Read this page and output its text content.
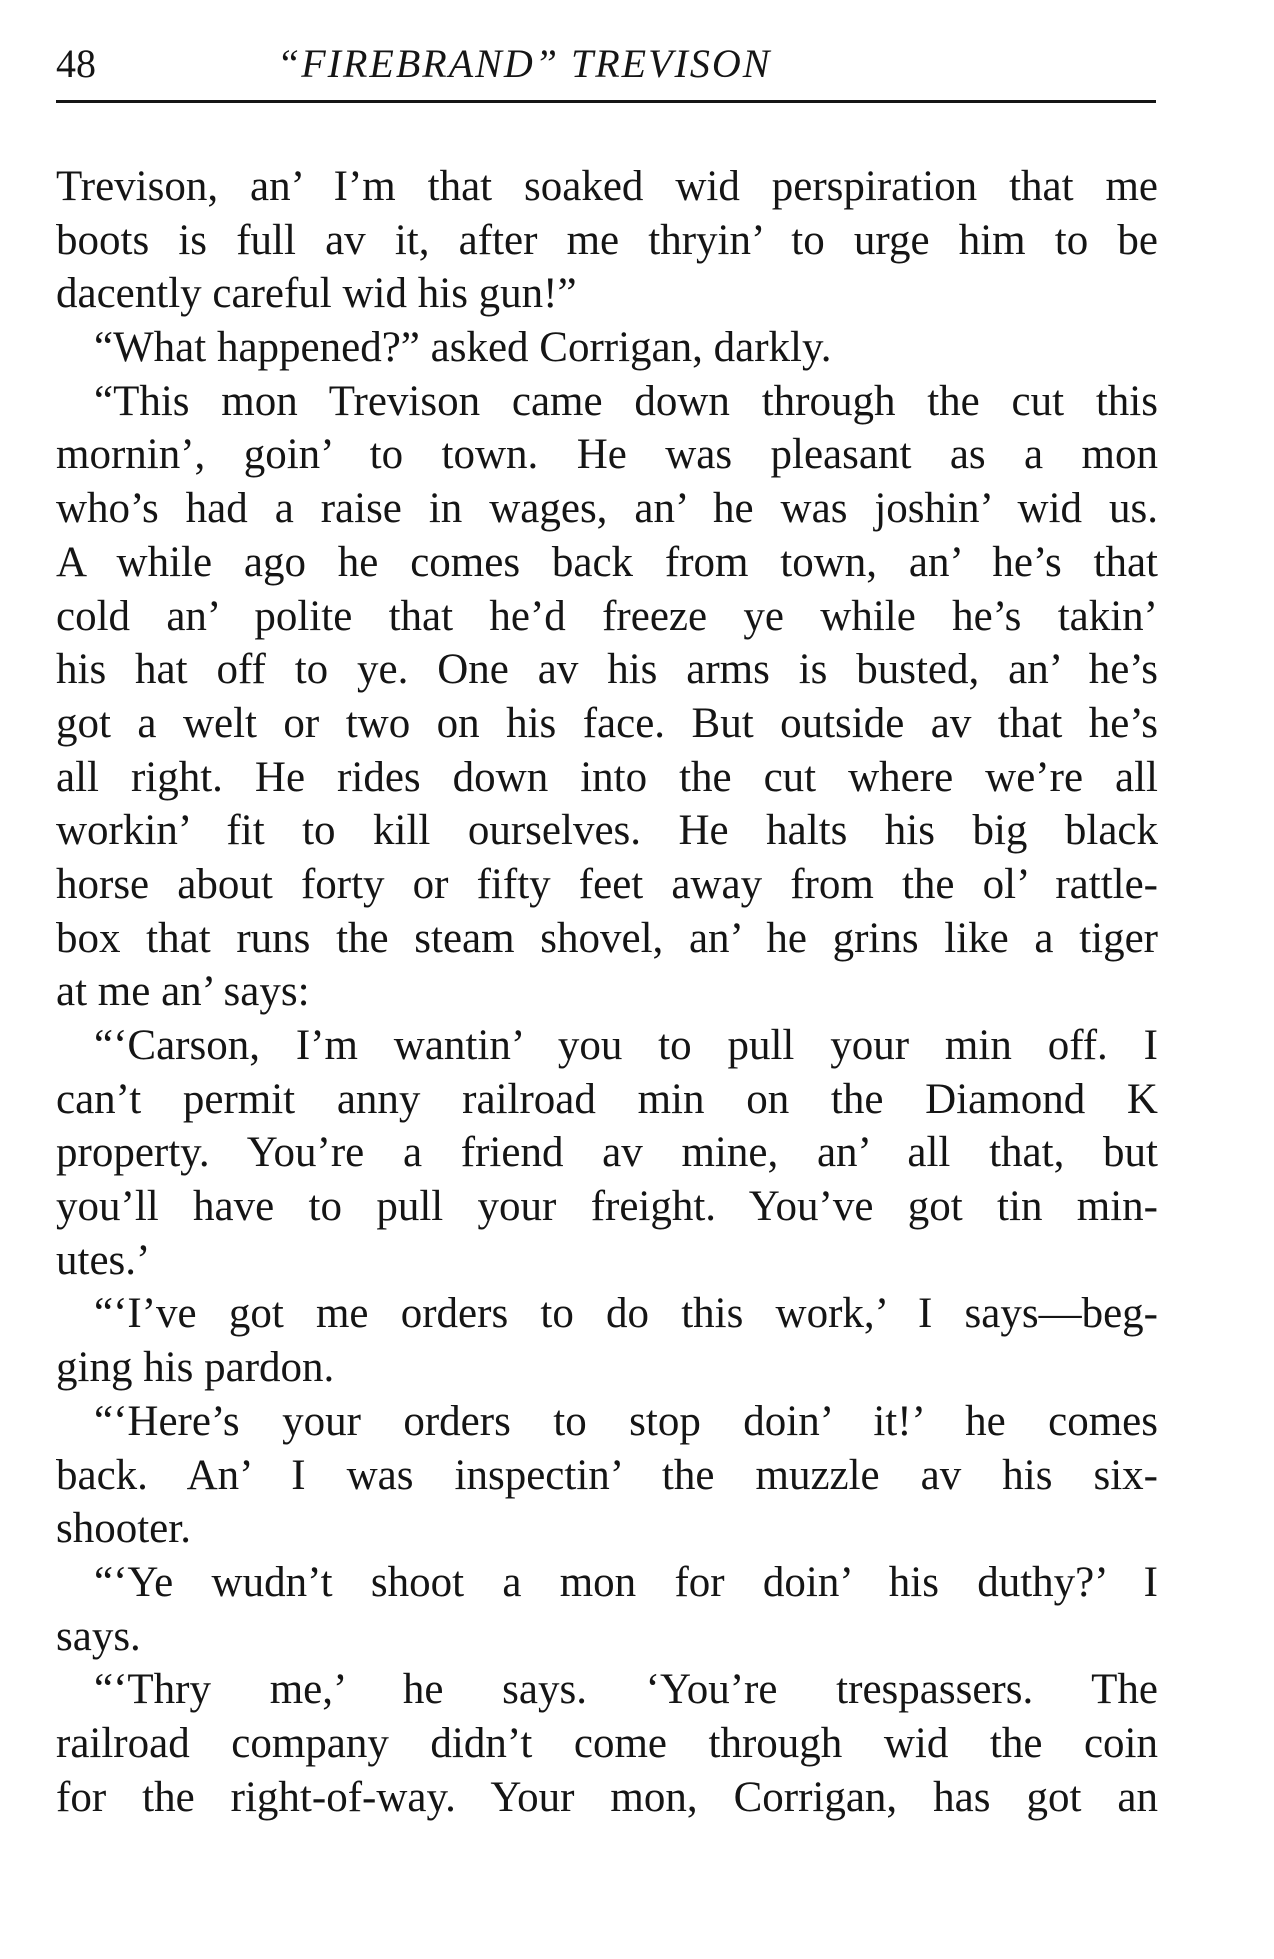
48	“FIREBRAND” TREVISON
Trevison, an’ I’m that soaked wid perspiration that me
boots is full av it, after me thryin’ to urge him to be
dacently careful wid his gun!”
“What happened?” asked Corrigan, darkly.
“This mon Trevison came down through the cut this
mornin’, goin’ to town. He was pleasant as a mon
who’s had a raise in wages, an’ he was joshin’ wid us.
A while ago he comes back from town, an’ he’s that
cold an’ polite that he’d freeze ye while he’s takin’
his hat off to ye. One av his arms is busted, an’ he’s
got a welt or two on his face. But outside av that he’s
all right. He rides down into the cut where we’re all
workin’ fit to kill ourselves. He halts his big black
horse about forty or fifty feet away from the ol’ rattle-
box that runs the steam shovel, an’ he grins like a tiger
at me an’ says:
“‘Carson, I’m wantin’ you to pull your min off. I
can’t permit anny railroad min on the Diamond K
property. You’re a friend av mine, an’ all that, but
you’ll have to pull your freight. You’ve got tin min-
utes.’
“‘I’ve got me orders to do this work,’ I says—beg-
ging his pardon.
“‘Here’s your orders to stop doin’ it!’ he comes
back. An’ I was inspectin’ the muzzle av his six-
shooter.
“‘Ye wudn’t shoot a mon for doin’ his duthy?’ I
says.
“‘Thry me,’ he says. ‘You’re trespassers. The
railroad company didn’t come through wid the coin
for the right-of-way. Your mon, Corrigan, has got an
